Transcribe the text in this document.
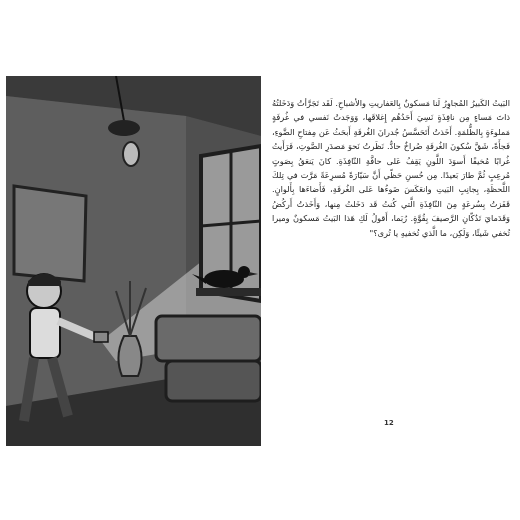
البَيتُ الكَبيرُ المُجاوِرُ لَنا مَسكونٌ بِالعَفاريتِ والأشباحِ. لَقَد تَجَرَّأتُ وَدَخَلتُهُ ذاتَ مَساءٍ مِن نافِذَةٍ نَسِيَ أَحَدُهُم إِغلاقَها، وَوَجَدتُ نَفسي في غُرفَةٍ مَملوءَةٍ بِالظُّلمَةِ. أَخَذتُ أَتَحَسَّسُ جُدرانَ الغُرفَةِ أَبحَثُ عَن مِفتاحِ الضَّوءِ، فَجأَةً، شَقَّ سُكونَ الغُرفَةِ صُراخٌ حادٌّ. نَظَرتُ نَحوَ مَصدَرِ الصَّوتِ، فَرَأَيتُ غُرابًا مُخيفًا أَسوَدَ اللَّونِ يَقِفُ عَلى حافَّةِ النّافِذَةِ. كانَ يَنعَقُ بِصَوتٍ مُرعِبٍ ثُمَّ طارَ بَعيدًا. مِن حُسنِ حَظّي أَنَّ سَيّارَةً مُسرِعَةً مَرَّت في تِلكَ اللَّحظَةِ، بِجانِبِ البَيتِ وانعَكَسَ ضَوءُها عَلى الغُرفَةِ، فَأَضاءَها بِأَلوانٍ. قَفَزتُ بِسُرعَةٍ مِنَ النّافِذَةِ الَّتي كُنتُ قَد دَخَلتُ مِنها، وَأَخَذتُ أَركُضُ وَقَدَمايَ تَدُكّانِ الرَّصيفَ بِقُوَّةٍ. رُبَما، أَقولُ لَكِ هَذا البَيتُ مَسكونٌ وميرا تُخفي شَيئًا، وَلَكِن، ما الَّذي تُخفيهِ يا تُرى؟"

12
